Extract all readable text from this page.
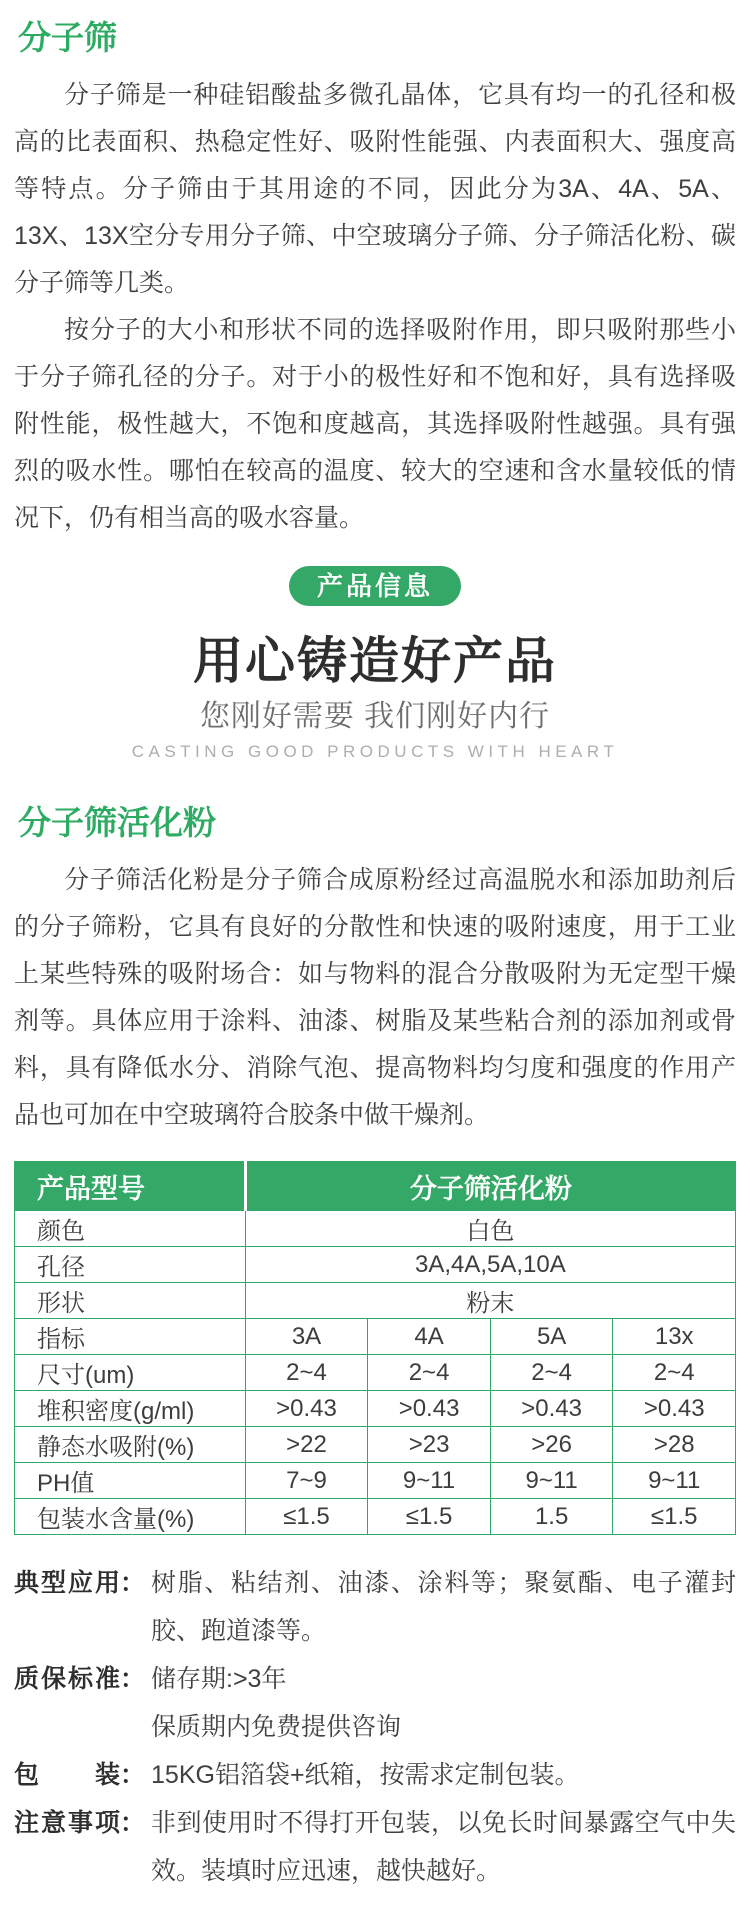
分子筛

分子筛是一种硅铝酸盐多微孔晶体，它具有均一的孔径和极高的比表面积、热稳定性好、吸附性能强、内表面积大、强度高等特点。分子筛由于其用途的不同，因此分为3A、4A、5A、13X、13X空分专用分子筛、中空玻璃分子筛、分子筛活化粉、碳分子筛等几类。

按分子的大小和形状不同的选择吸附作用，即只吸附那些小于分子筛孔径的分子。对于小的极性好和不饱和好，具有选择吸附性能，极性越大，不饱和度越高，其选择吸附性越强。具有强烈的吸水性。哪怕在较高的温度、较大的空速和含水量较低的情况下，仍有相当高的吸水容量。

产品信息
用心铸造好产品
您刚好需要 我们刚好内行
CASTING GOOD PRODUCTS WITH HEART
分子筛活化粉

分子筛活化粉是分子筛合成原粉经过高温脱水和添加助剂后的分子筛粉，它具有良好的分散性和快速的吸附速度，用于工业上某些特殊的吸附场合：如与物料的混合分散吸附为无定型干燥剂等。具体应用于涂料、油漆、树脂及某些粘合剂的添加剂或骨料，具有降低水分、消除气泡、提高物料均匀度和强度的作用产品也可加在中空玻璃符合胶条中做干燥剂。

产品型号	分子筛活化粉			
颜色	白色			
孔径	3A,4A,5A,10A			
形状	粉末			
指标	3A	4A	5A	13x
尺寸(um)	2~4	2~4	2~4	2~4
堆积密度(g/ml)	>0.43	>0.43	>0.43	>0.43
静态水吸附(%)	>22	>23	>26	>28
PH值	7~9	9~11	9~11	9~11
包装水含量(%)	≤1.5	≤1.5	1.5	≤1.5
典型应用 ： 树脂、粘结剂、油漆、涂料等；聚氨酯、电子灌封胶、跑道漆等。
质保标准 ： 储存期:>3年
保质期内免费提供咨询
包装 ： 15KG铝箔袋+纸箱，按需求定制包装。
注意事项 ： 非到使用时不得打开包装，以免长时间暴露空气中失效。装填时应迅速，越快越好。
